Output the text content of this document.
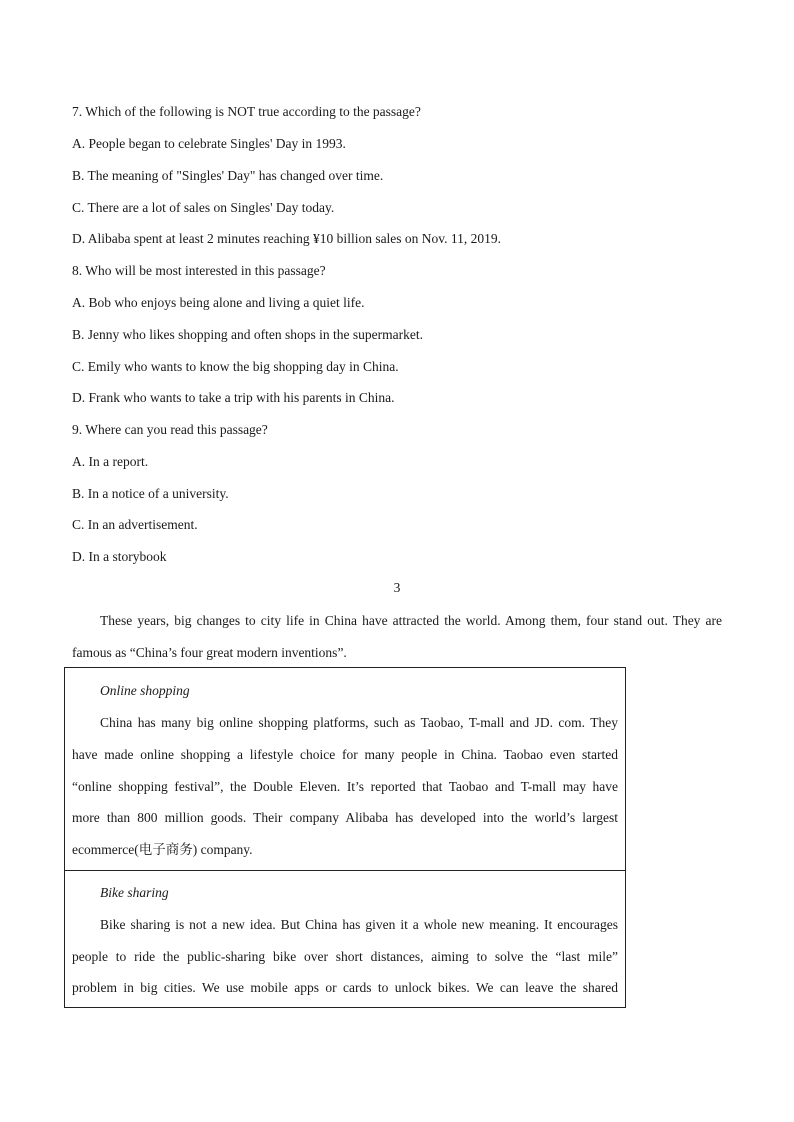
7. Which of the following is NOT true according to the passage?
A. People began to celebrate Singles' Day in 1993.
B. The meaning of "Singles' Day" has changed over time.
C. There are a lot of sales on Singles' Day today.
D. Alibaba spent at least 2 minutes reaching ¥10 billion sales on Nov. 11, 2019.
8. Who will be most interested in this passage?
A. Bob who enjoys being alone and living a quiet life.
B. Jenny who likes shopping and often shops in the supermarket.
C. Emily who wants to know the big shopping day in China.
D. Frank who wants to take a trip with his parents in China.
9. Where can you read this passage?
A. In a report.
B. In a notice of a university.
C. In an advertisement.
D. In a storybook
3
These years, big changes to city life in China have attracted the world. Among them, four stand out. They are
famous as “China’s four great modern inventions”.
Online shopping
China has many big online shopping platforms, such as Taobao, T-mall and JD. com. They
have made online shopping a lifestyle choice for many people in China. Taobao even started
“online shopping festival”, the Double Eleven. It’s reported that Taobao and T-mall may have
more than 800 million goods. Their company Alibaba has developed into the world’s largest
ecommerce(电子商务) company.
Bike sharing
Bike sharing is not a new idea. But China has given it a whole new meaning. It encourages
people to ride the public-sharing bike over short distances, aiming to solve the “last mile”
problem in big cities. We use mobile apps or cards to unlock bikes. We can leave the shared
